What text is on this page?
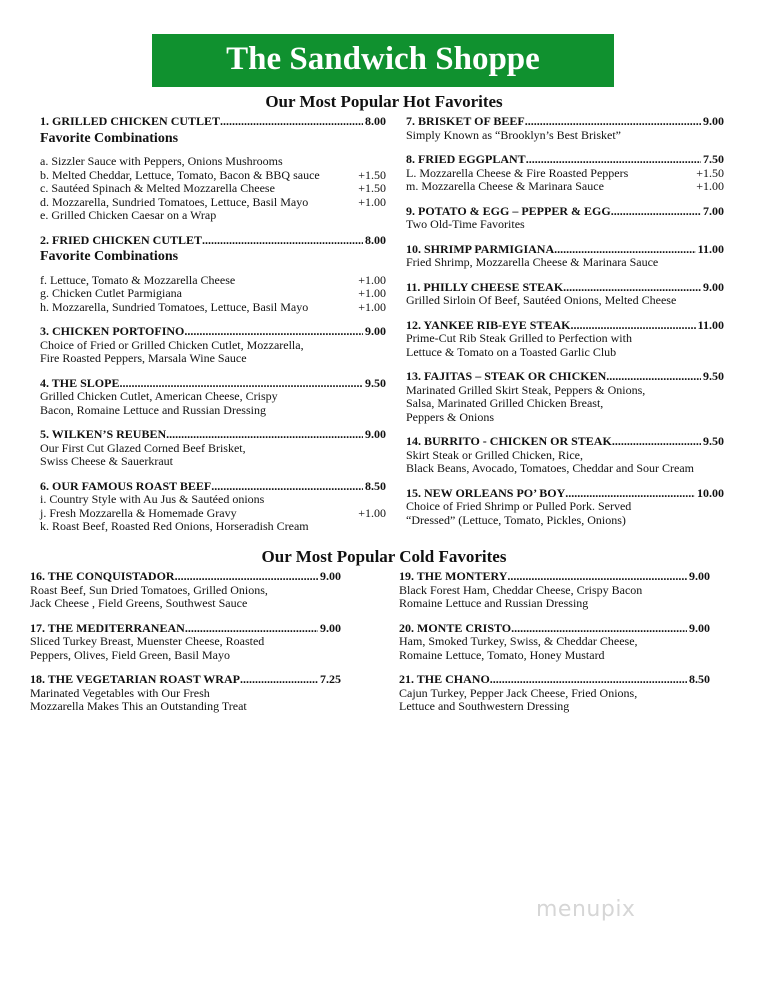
The Sandwich Shoppe
Our Most Popular Hot Favorites
1. GRILLED CHICKEN CUTLET .....	8.00
Favorite Combinations
a. Sizzler Sauce with Peppers, Onions Mushrooms
b. Melted Cheddar, Lettuce, Tomato, Bacon & BBQ sauce	+1.50
c. Sautéed Spinach & Melted Mozzarella Cheese	+1.50
d. Mozzarella, Sundried Tomatoes, Lettuce, Basil Mayo	+1.00
e. Grilled Chicken Caesar on a Wrap
2. FRIED CHICKEN CUTLET .....	8.00
Favorite Combinations
f. Lettuce, Tomato & Mozzarella Cheese	+1.00
g. Chicken Cutlet Parmigiana	+1.00
h. Mozzarella, Sundried Tomatoes, Lettuce, Basil Mayo	+1.00
3. CHICKEN PORTOFINO .....	9.00
Choice of Fried or Grilled Chicken Cutlet, Mozzarella,
Fire Roasted Peppers, Marsala Wine Sauce
4. THE SLOPE .....	9.50
Grilled Chicken Cutlet, American Cheese, Crispy
Bacon, Romaine Lettuce and Russian Dressing
5. WILKEN’S REUBEN .....	9.00
Our First Cut Glazed Corned Beef Brisket,
Swiss Cheese & Sauerkraut
6. OUR FAMOUS ROAST BEEF .....	8.50
i. Country Style with Au Jus & Sautéed onions
j. Fresh Mozzarella & Homemade Gravy	+1.00
k. Roast Beef, Roasted Red Onions, Horseradish Cream
7. BRISKET OF BEEF .....	9.00
Simply Known as “Brooklyn’s Best Brisket”
8. FRIED EGGPLANT .....	7.50
L. Mozzarella Cheese & Fire Roasted Peppers	+1.50
m. Mozzarella Cheese & Marinara Sauce	+1.00
9. POTATO & EGG – PEPPER & EGG .....	7.00
Two Old-Time Favorites
10. SHRIMP PARMIGIANA .....	11.00
Fried Shrimp, Mozzarella Cheese & Marinara Sauce
11. PHILLY CHEESE STEAK .....	9.00
Grilled Sirloin Of Beef, Sautéed Onions, Melted Cheese
12. YANKEE RIB-EYE STEAK .....	11.00
Prime-Cut Rib Steak Grilled to Perfection with
Lettuce & Tomato on a Toasted Garlic Club
13. FAJITAS – STEAK OR CHICKEN .....	9.50
Marinated Grilled Skirt Steak, Peppers & Onions,
Salsa, Marinated Grilled Chicken Breast,
Peppers & Onions
14. BURRITO - CHICKEN OR STEAK .....	9.50
Skirt Steak or Grilled Chicken, Rice,
Black Beans, Avocado, Tomatoes, Cheddar and Sour Cream
15. NEW ORLEANS PO’ BOY .....	10.00
Choice of Fried Shrimp or Pulled Pork. Served
“Dressed” (Lettuce, Tomato, Pickles, Onions)
Our Most Popular Cold Favorites
16. THE CONQUISTADOR .....	9.00
Roast Beef, Sun Dried Tomatoes, Grilled Onions,
Jack Cheese , Field Greens, Southwest Sauce
17. THE MEDITERRANEAN .....	9.00
Sliced Turkey Breast, Muenster Cheese, Roasted
Peppers, Olives, Field Green, Basil Mayo
18. THE VEGETARIAN ROAST WRAP .....	7.25
Marinated Vegetables with Our Fresh
Mozzarella Makes This an Outstanding Treat
19. THE MONTERY .....	9.00
Black Forest Ham, Cheddar Cheese, Crispy Bacon
Romaine Lettuce and Russian Dressing
20. MONTE CRISTO .....	9.00
Ham, Smoked Turkey, Swiss, & Cheddar Cheese,
Romaine Lettuce, Tomato, Honey Mustard
21. THE CHANO .....	8.50
Cajun Turkey, Pepper Jack Cheese, Fried Onions,
Lettuce and Southwestern Dressing
menupix
